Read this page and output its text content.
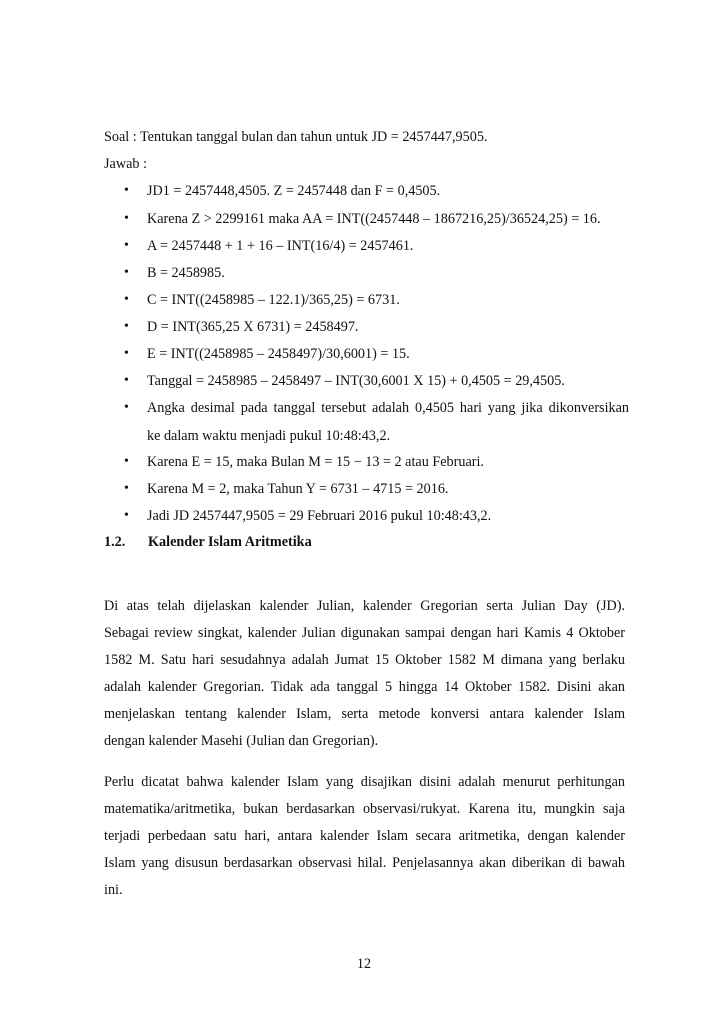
Soal : Tentukan tanggal bulan dan tahun untuk JD = 2457447,9505.
Jawab :
• JD1 = 2457448,4505. Z = 2457448 dan F = 0,4505.
• Karena Z > 2299161 maka AA = INT((2457448 – 1867216,25)/36524,25) = 16.
• A = 2457448 + 1 + 16 – INT(16/4) = 2457461.
• B = 2458985.
• C = INT((2458985 – 122.1)/365,25) = 6731.
• D = INT(365,25 X 6731) = 2458497.
• E = INT((2458985 – 2458497)/30,6001) = 15.
• Tanggal = 2458985 – 2458497 – INT(30,6001 X 15) + 0,4505 = 29,4505.
• Angka desimal pada tanggal tersebut adalah 0,4505 hari yang jika dikonversikan
ke dalam waktu menjadi pukul 10:48:43,2.
• Karena E = 15, maka Bulan M = 15 − 13 = 2 atau Februari.
• Karena M = 2, maka Tahun Y = 6731 – 4715 = 2016.
• Jadi JD 2457447,9505 = 29 Februari 2016 pukul 10:48:43,2.
1.2. Kalender Islam Aritmetika
Di atas telah dijelaskan kalender Julian, kalender Gregorian serta Julian Day (JD).
Sebagai review singkat, kalender Julian digunakan sampai dengan hari Kamis 4 Oktober
1582 M. Satu hari sesudahnya adalah Jumat 15 Oktober 1582 M dimana yang berlaku
adalah kalender Gregorian. Tidak ada tanggal 5 hingga 14 Oktober 1582. Disini akan
menjelaskan tentang kalender Islam, serta metode konversi antara kalender Islam
dengan kalender Masehi (Julian dan Gregorian).
Perlu dicatat bahwa kalender Islam yang disajikan disini adalah menurut perhitungan
matematika/aritmetika, bukan berdasarkan observasi/rukyat. Karena itu, mungkin saja
terjadi perbedaan satu hari, antara kalender Islam secara aritmetika, dengan kalender
Islam yang disusun berdasarkan observasi hilal. Penjelasannya akan diberikan di bawah
ini.
12
